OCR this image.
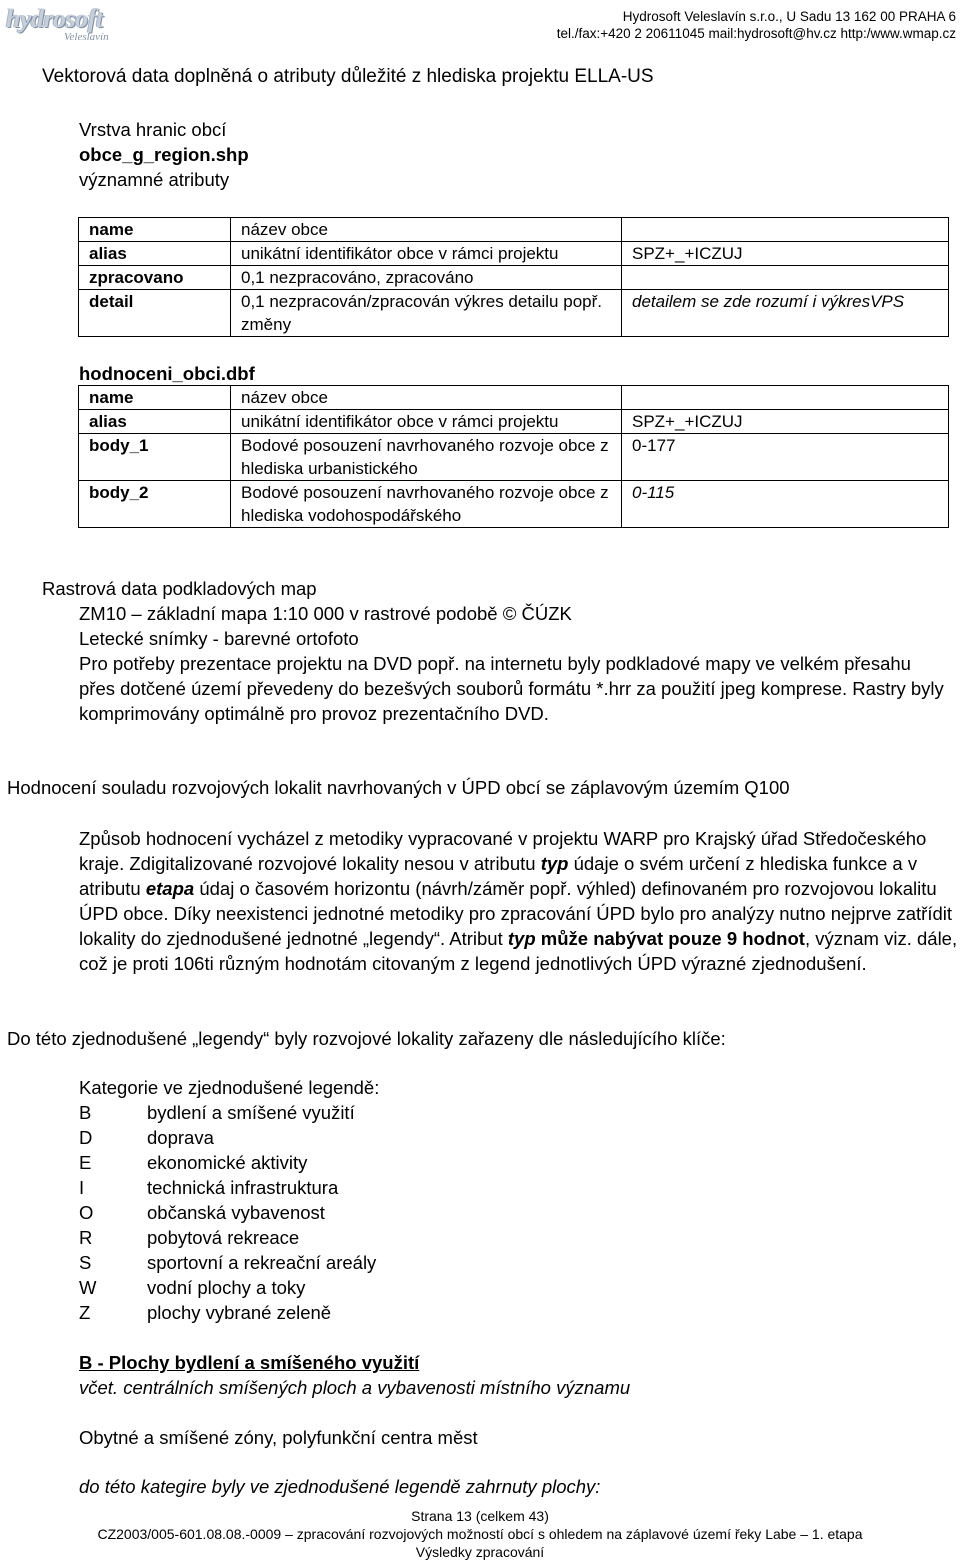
hydrosoft
Veleslavín
Hydrosoft Veleslavín s.r.o., U Sadu 13 162 00 PRAHA 6
tel./fax:+420 2 20611045 mail:hydrosoft@hv.cz http:/www.wmap.cz
Vektorová data doplněná o atributy důležité z hlediska projektu ELLA-US
Vrstva hranic obcí
obce_g_region.shp
významné atributy
name	název obce	
alias	unikátní identifikátor obce v rámci projektu	SPZ+_+ICZUJ
zpracovano	0,1 nezpracováno, zpracováno	
detail	0,1 nezpracován/zpracován výkres detailu popř. změny	detailem se zde rozumí i výkresVPS
hodnoceni_obci.dbf
name	název obce	
alias	unikátní identifikátor obce v rámci projektu	SPZ+_+ICZUJ
body_1	Bodové posouzení navrhovaného rozvoje obce z hlediska urbanistického	0-177
body_2	Bodové posouzení navrhovaného rozvoje obce z hlediska vodohospodářského	0-115
Rastrová data podkladových map
ZM10 – základní mapa 1:10 000 v rastrové podobě © ČÚZK
Letecké snímky - barevné ortofoto
Pro potřeby prezentace projektu na DVD popř. na internetu byly podkladové mapy ve velkém přesahu přes dotčené území převedeny do bezešvých souborů formátu *.hrr za použití jpeg komprese. Rastry byly komprimovány optimálně pro provoz prezentačního DVD.
Hodnocení souladu rozvojových lokalit navrhovaných v ÚPD obcí se záplavovým územím Q100
Způsob hodnocení vycházel z metodiky vypracované v projektu WARP pro Krajský úřad Středočeského kraje. Zdigitalizované rozvojové lokality nesou v atributu typ údaje o svém určení z hlediska funkce a v atributu etapa údaj o časovém horizontu (návrh/záměr popř. výhled) definovaném pro rozvojovou lokalitu ÚPD obce. Díky neexistenci jednotné metodiky pro zpracování ÚPD bylo pro analýzy nutno nejprve zatřídit lokality do zjednodušené jednotné „legendy“. Atribut typ může nabývat pouze 9 hodnot, význam viz. dále, což je proti 106ti různým hodnotám citovaným z legend jednotlivých ÚPD výrazné zjednodušení.
Do této zjednodušené „legendy“ byly rozvojové lokality zařazeny dle následujícího klíče:
Kategorie ve zjednodušené legendě:
B	bydlení a smíšené využití
D	doprava
E	ekonomické aktivity
I	technická infrastruktura
O	občanská vybavenost
R	pobytová rekreace
S	sportovní a rekreační areály
W	vodní plochy a toky
Z	plochy vybrané zeleně
B - Plochy bydlení a smíšeného využití
včet. centrálních smíšených ploch a vybavenosti místního významu
Obytné a smíšené zóny, polyfunkční centra měst
do této kategire byly ve zjednodušené legendě zahrnuty plochy:
Strana 13 (celkem 43)
CZ2003/005-601.08.08.-0009 – zpracování rozvojových možností obcí s ohledem na záplavové území řeky Labe – 1. etapa
Výsledky zpracování
